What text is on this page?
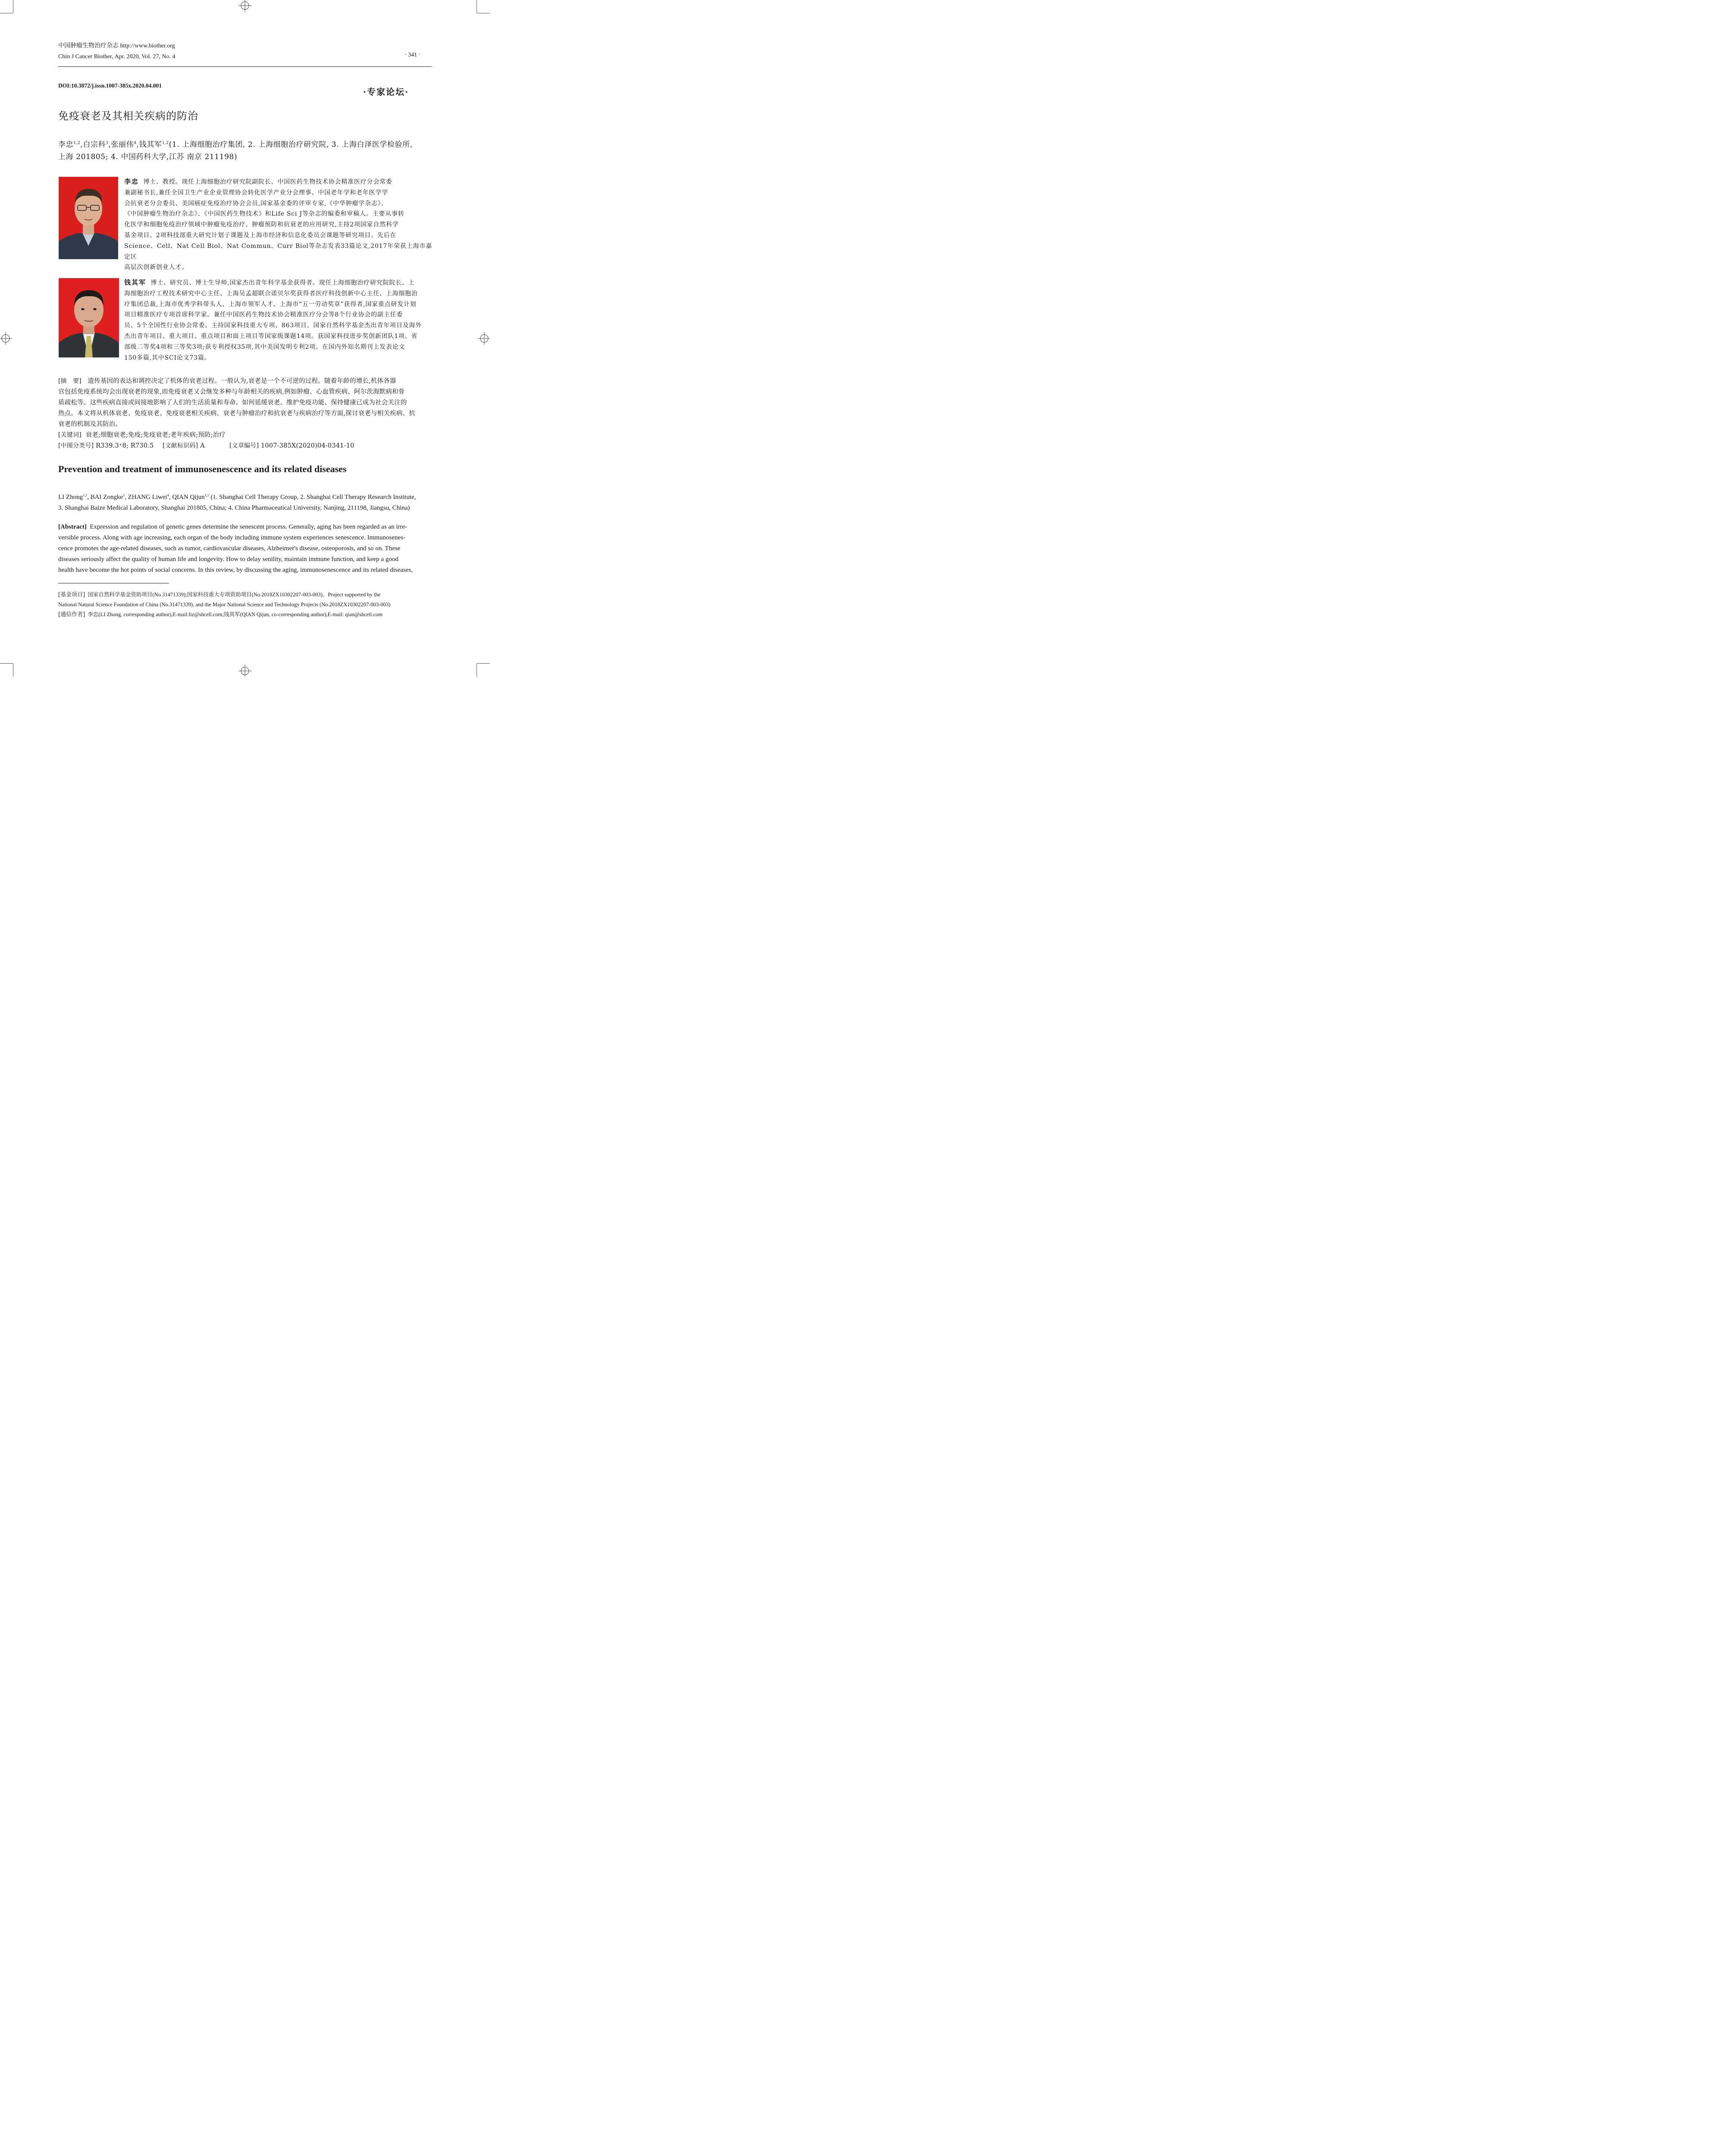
中国肿瘤生物治疗杂志 http://www.biother.org
Chin J Cancer Biother, Apr. 2020, Vol. 27, No. 4	· 341 ·
DOI:10.3872/j.issn.1007-385x.2020.04.001
·专家论坛·
免疫衰老及其相关疾病的防治
李忠$^{1,2}$,白宗科$^3$,张丽伟$^4$,钱其军$^{1,2}$(1. 上海细胞治疗集团, 2. 上海细胞治疗研究院, 3. 上海白泽医学检验所,
上海 201805; 4. 中国药科大学,江苏 南京 211198)
李忠 博士、教授。现任上海细胞治疗研究院副院长、中国医药生物技术协会精准医疗分会常委
兼副秘书长,兼任全国卫生产业企业管理协会转化医学产业分会理事、中国老年学和老年医学学
会抗衰老分会委员、美国癌症免疫治疗协会会员,国家基金委的评审专家,《中华肿瘤学杂志》、
《中国肿瘤生物治疗杂志》、《中国医药生物技术》和Life Sci J等杂志的编委和审稿人。主要从事转
化医学和细胞免疫治疗领域中肿瘤免疫治疗、肿瘤预防和抗衰老的应用研究,主持2项国家自然科学
基金项目、2项科技部重大研究计划子课题及上海市经济和信息化委员会课题等研究项目。先后在
Science、Cell、Nat Cell Biol、Nat Commun、Curr Biol等杂志发表33篇论文,2017年荣获上海市嘉定区
高层次创新创业人才。
钱其军 博士、研究员、博士生导师,国家杰出青年科学基金获得者。现任上海细胞治疗研究院院长、上
海细胞治疗工程技术研究中心主任、上海吴孟超联合诺贝尔奖获得者医疗科技创新中心主任、上海细胞治
疗集团总裁,上海市优秀学科带头人、上海市领军人才、上海市“五一劳动奖章”获得者,国家重点研发计划
项目精准医疗专项首席科学家。兼任中国医药生物技术协会精准医疗分会等8个行业协会的副主任委
员、5个全国性行业协会常委。主持国家科技重大专项、863项目、国家自然科学基金杰出青年项目及海外
杰出青年项目、重大项目、重点项目和面上项目等国家级课题14项。获国家科技进步奖创新团队1项、省
部级二等奖4项和三等奖3项;获专利授权35项,其中美国发明专利2项。在国内外知名期刊上发表论文
150多篇,其中SCI论文73篇。
[摘　要] 遗传基因的表达和调控决定了机体的衰老过程。一般认为,衰老是一个不可逆的过程。随着年龄的增长,机体各器
官包括免疫系统均会出现衰老的现象,而免疫衰老又会继发多种与年龄相关的疾病,例如肿瘤、心血管疾病、阿尔茨海默病和骨
质疏松等。这些疾病直接或间接地影响了人们的生活质量和寿命。如何延缓衰老、维护免疫功能、保持健康已成为社会关注的
热点。本文将从机体衰老、免疫衰老、免疫衰老相关疾病、衰老与肿瘤治疗和抗衰老与疾病治疗等方面,探讨衰老与相关疾病、抗
衰老的机制及其防治。
[关键词] 衰老;细胞衰老;免疫;免疫衰老;老年疾病;预防;治疗
[中图分类号] R339.3⁺8; R730.5 [文献标识码] A	[文章编号] 1007-385X(2020)04-0341-10
Prevention and treatment of immunosenescence and its related diseases
LI Zhong$^{1,2}$, BAI Zongke$^3$, ZHANG Liwei$^4$, QIAN Qijun$^{1,2}$ (1. Shanghai Cell Therapy Group, 2. Shanghai Cell Therapy Research Institute,
3. Shanghai Baize Medical Laboratory, Shanghai 201805, China; 4. China Pharmaceutical University, Nanjing, 211198, Jiangsu, China)
[Abstract] Expression and regulation of genetic genes determine the senescent process. Generally, aging has been regarded as an irre-
versible process. Along with age increasing, each organ of the body including immune system experiences senescence. Immunosenes-
cence promotes the age-related diseases, such as tumor, cardiovascular diseases, Alzheimer's disease, osteoporosis, and so on. These
diseases seriously affect the quality of human life and longevity. How to delay senility, maintain immune function, and keep a good
health have become the hot points of social concerns. In this review, by discussing the aging, immunosenescence and its related diseases,
[基金项目] 国家自然科学基金资助项目(No.31471339);国家科技重大专项资助项目(No.2018ZX10302207-003-003)。Project supported by the
National Natural Science Foundation of China (No.31471339), and the Major National Science and Technology Projects (No.2018ZX10302207-003-003)
[通信作者] 李忠(LI Zhong, corresponding author),E-mail:liz@shcell.com;钱其军(QIAN Qijun, co-corresponding author),E-mail: qian@shcell.com
